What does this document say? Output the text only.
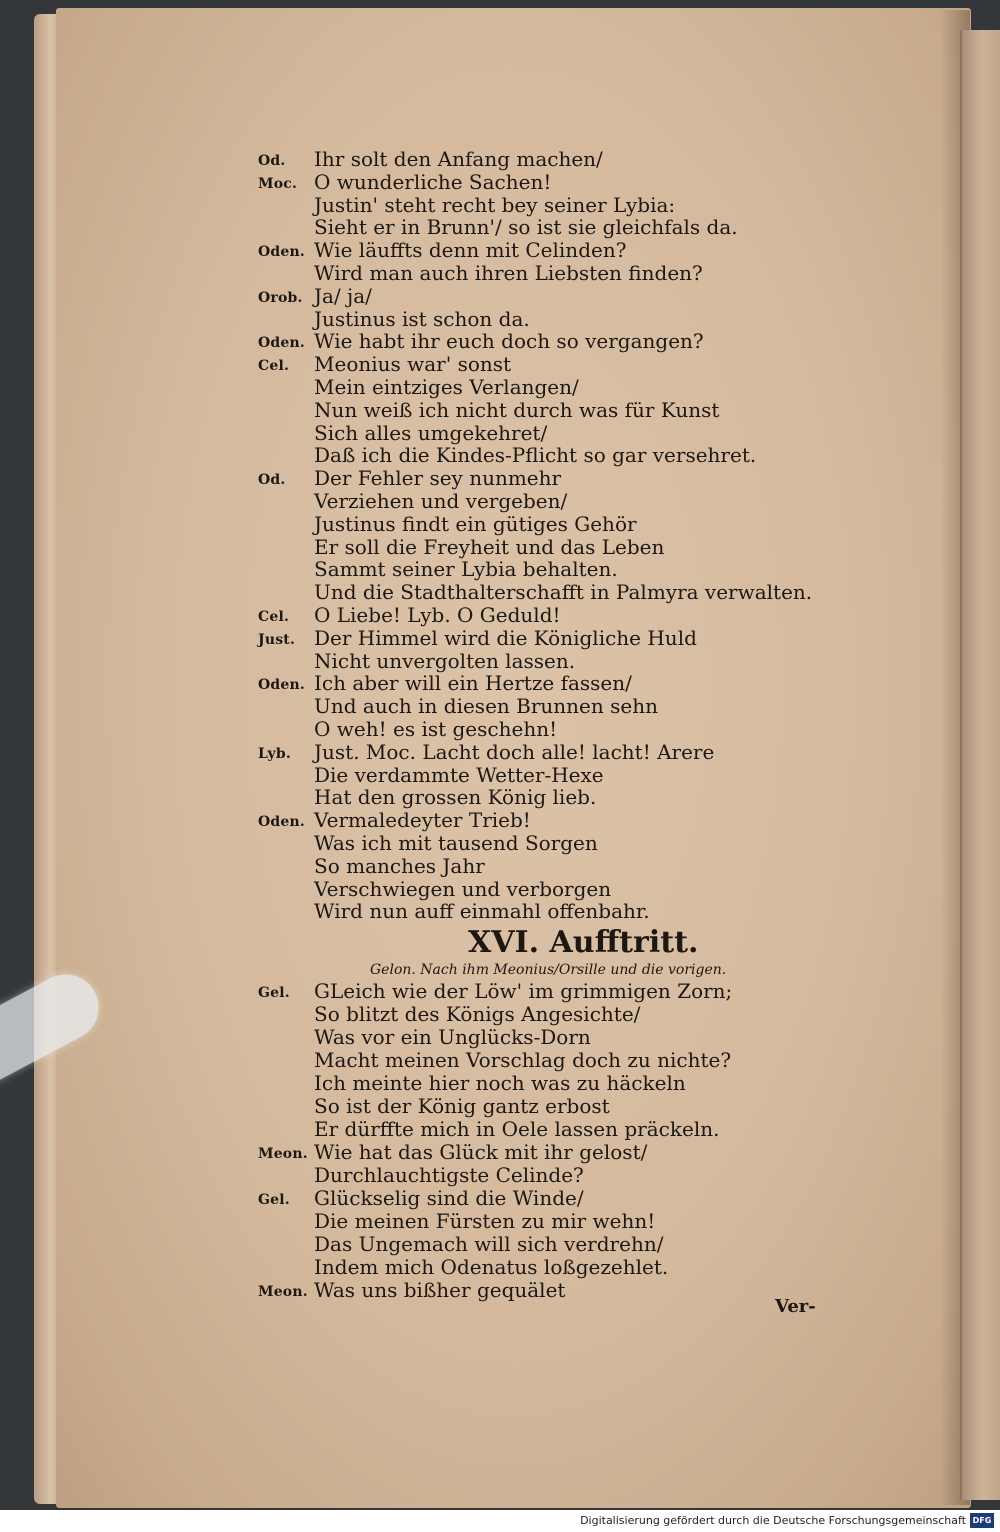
Od. Ihr solt den Anfang machen/
Moc. O wunderliche Sachen!
Justin' steht recht bey seiner Lybia:
Sieht er in Brunn'/ so ist sie gleichfals da.
Oden. Wie läuffts denn mit Celinden?
Wird man auch ihren Liebsten finden?
Orob. Ja/ ja/
Justinus ist schon da.
Oden. Wie habt ihr euch doch so vergangen?
Cel. Meonius war' sonst
Mein eintziges Verlangen/
Nun weiß ich nicht durch was für Kunst
Sich alles umgekehret/
Daß ich die Kindes-Pflicht so gar versehret.
Od. Der Fehler sey nunmehr
Verziehen und vergeben/
Justinus findt ein gütiges Gehör
Er soll die Freyheit und das Leben
Sammt seiner Lybia behalten.
Und die Stadthalterschafft in Palmyra verwalten.
Cel. O Liebe! Lyb. O Geduld!
Just. Der Himmel wird die Königliche Huld
Nicht unvergolten lassen.
Oden. Ich aber will ein Hertze fassen/
Und auch in diesen Brunnen sehn
O weh! es ist geschehn!
Lyb. Just. Moc. Lacht doch alle! lacht! Arere
Die verdammte Wetter-Hexe
Hat den grossen König lieb.
Oden. Vermaledeyter Trieb!
Was ich mit tausend Sorgen
So manches Jahr
Verschwiegen und verborgen
Wird nun auff einmahl offenbahr.
XVI. Aufftritt.
Gelon. Nach ihm Meonius/Orsille und die vorigen.
Gel. GLeich wie der Löw' im grimmigen Zorn;
So blitzt des Königs Angesichte/
Was vor ein Unglücks-Dorn
Macht meinen Vorschlag doch zu nichte?
Ich meinte hier noch was zu häckeln
So ist der König gantz erbost
Er dürffte mich in Oele lassen präckeln.
Meon. Wie hat das Glück mit ihr gelost/
Durchlauchtigste Celinde?
Gel. Glückselig sind die Winde/
Die meinen Fürsten zu mir wehn!
Das Ungemach will sich verdrehn/
Indem mich Odenatus loßgezehlet.
Meon. Was uns bißher gequälet
Ver-
Digitalisierung gefördert durch die Deutsche Forschungsgemeinschaft DFG
